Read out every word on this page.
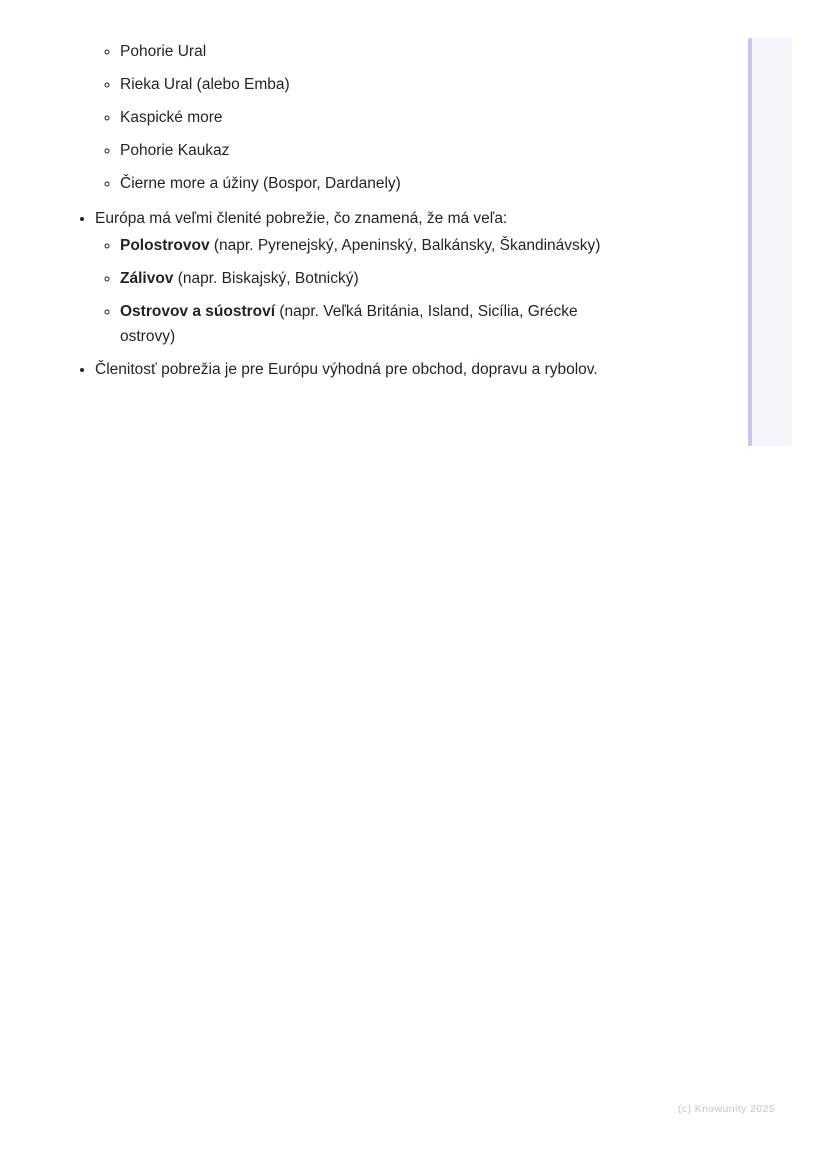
◦ Pohorie Ural
◦ Rieka Ural (alebo Emba)
◦ Kaspické more
◦ Pohorie Kaukaz
◦ Čierne more a úžiny (Bospor, Dardanely)
• Európa má veľmi členité pobrežie, čo znamená, že má veľa:
◦ Polostrovov (napr. Pyrenejský, Apeninský, Balkánsky, Škandinávsky)
◦ Zálivov (napr. Biskajský, Botnický)
◦ Ostrovov a súostroví (napr. Veľká Británia, Island, Sicília, Grécke
ostrovy)
• Členitosť pobrežia je pre Európu výhodná pre obchod, dopravu a rybolov.
(c) Knowunity 2025
